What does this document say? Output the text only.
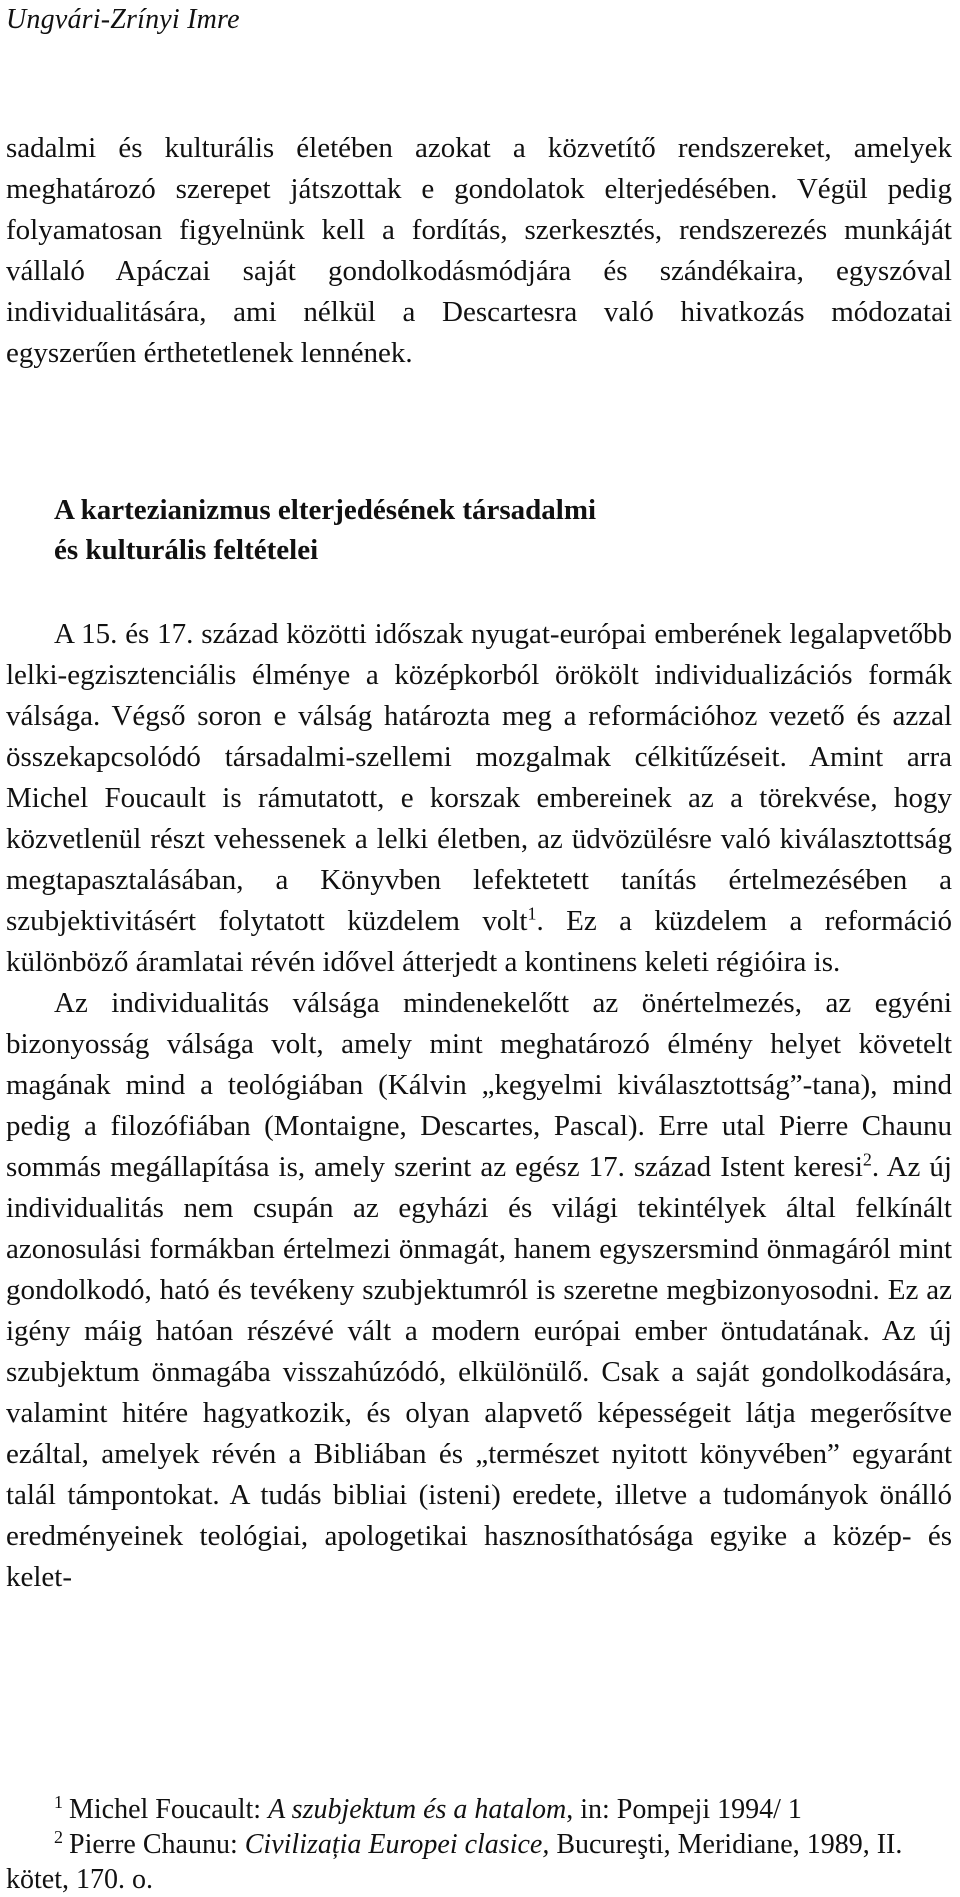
Ungvári-Zrínyi Imre

sadalmi és kulturális életében azokat a közvetítő rendszereket, amelyek meghatározó szerepet játszottak e gondolatok elterjedésében. Végül pedig folyamatosan figyelnünk kell a fordítás, szerkesztés, rendszerezés munkáját vállaló Apáczai saját gondolkodásmódjára és szándékaira, egyszóval individualitására, ami nélkül a Descartesra való hivatkozás módozatai egyszerűen érthetetlenek lennének.

A kartezianizmus elterjedésének társadalmi
és kulturális feltételei

A 15. és 17. század közötti időszak nyugat-európai emberének legalapvetőbb lelki-egzisztenciális élménye a középkorból örökölt individualizációs formák válsága. Végső soron e válság határozta meg a reformációhoz vezető és azzal összekapcsolódó társadalmi-szellemi mozgalmak célkitűzéseit. Amint arra Michel Foucault is rámutatott, e korszak embereinek az a törekvése, hogy közvetlenül részt vehessenek a lelki életben, az üdvözülésre való kiválasztottság megtapasztalásában, a Könyvben lefektetett tanítás értelmezésében a szubjektivitásért folytatott küzdelem volt$^1$. Ez a küzdelem a reformáció különböző áramlatai révén idővel átterjedt a kontinens keleti régióira is.

Az individualitás válsága mindenekelőtt az önértelmezés, az egyéni bizonyosság válsága volt, amely mint meghatározó élmény helyet követelt magának mind a teológiában (Kálvin „kegyelmi kiválasztottság”-tana), mind pedig a filozófiában (Montaigne, Descartes, Pascal). Erre utal Pierre Chaunu sommás megállapítása is, amely szerint az egész 17. század Istent keresi$^2$. Az új individualitás nem csupán az egyházi és világi tekintélyek által felkínált azonosulási formákban értelmezi önmagát, hanem egyszersmind önmagáról mint gondolkodó, ható és tevékeny szubjektumról is szeretne megbizonyosodni. Ez az igény máig hatóan részévé vált a modern európai ember öntudatának. Az új szubjektum önmagába visszahúzódó, elkülönülő. Csak a saját gondolkodására, valamint hitére hagyatkozik, és olyan alapvető képességeit látja megerősítve ezáltal, amelyek révén a Bibliában és „természet nyitott könyvében” egyaránt talál támpontokat. A tudás bibliai (isteni) eredete, illetve a tudományok önálló eredményeinek teológiai, apologetikai hasznosíthatósága egyike a közép- és kelet-

$^1$ Michel Foucault: A szubjektum és a hatalom, in: Pompeji 1994/ 1

$^2$ Pierre Chaunu: Civilizația Europei clasice, Bucureşti, Meridiane, 1989, II. kötet, 170. o.
